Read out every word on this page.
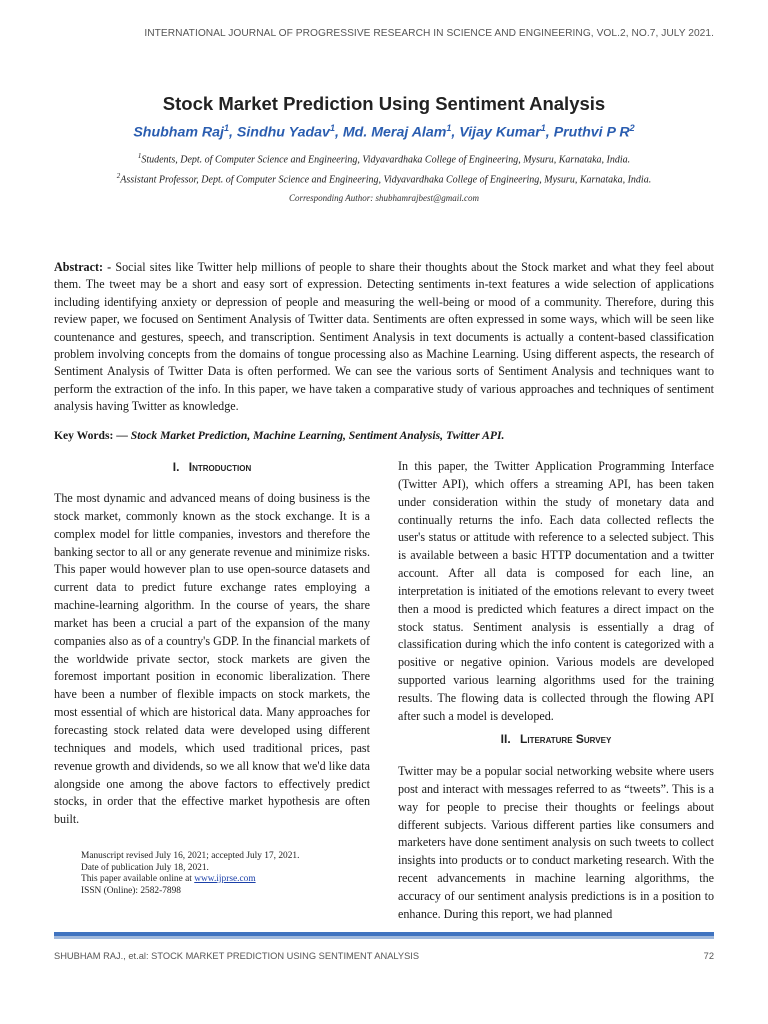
INTERNATIONAL JOURNAL OF PROGRESSIVE RESEARCH IN SCIENCE AND ENGINEERING, VOL.2, NO.7, JULY 2021.
Stock Market Prediction Using Sentiment Analysis
Shubham Raj$^1$, Sindhu Yadav$^1$, Md. Meraj Alam$^1$, Vijay Kumar$^1$, Pruthvi P $R^2$
$^1$Students, Dept. of Computer Science and Engineering, Vidyavardhaka College of Engineering, Mysuru, Karnataka, India.
$^2$Assistant Professor, Dept. of Computer Science and Engineering, Vidyavardhaka College of Engineering, Mysuru, Karnataka, India.
Corresponding Author: shubhamrajbest@gmail.com
Abstract: - Social sites like Twitter help millions of people to share their thoughts about the Stock market and what they feel about them. The tweet may be a short and easy sort of expression. Detecting sentiments in-text features a wide selection of applications including identifying anxiety or depression of people and measuring the well-being or mood of a community. Therefore, during this review paper, we focused on Sentiment Analysis of Twitter data. Sentiments are often expressed in some ways, which will be seen like countenance and gestures, speech, and transcription. Sentiment Analysis in text documents is actually a content-based classification problem involving concepts from the domains of tongue processing also as Machine Learning. Using different aspects, the research of Sentiment Analysis of Twitter Data is often performed. We can see the various sorts of Sentiment Analysis and techniques want to perform the extraction of the info. In this paper, we have taken a comparative study of various approaches and techniques of sentiment analysis having Twitter as knowledge.
Key Words: — Stock Market Prediction, Machine Learning, Sentiment Analysis, Twitter API.
I. Introduction
The most dynamic and advanced means of doing business is the stock market, commonly known as the stock exchange. It is a complex model for little companies, investors and therefore the banking sector to all or any generate revenue and minimize risks. This paper would however plan to use open-source datasets and current data to predict future exchange rates employing a machine-learning algorithm. In the course of years, the share market has been a crucial a part of the expansion of the many companies also as of a country's GDP. In the financial markets of the worldwide private sector, stock markets are given the foremost important position in economic liberalization. There have been a number of flexible impacts on stock markets, the most essential of which are historical data. Many approaches for forecasting stock related data were developed using different techniques and models, which used traditional prices, past revenue growth and dividends, so we all know that we'd like data alongside one among the above factors to effectively predict stocks, in order that the effective market hypothesis are often built.
Manuscript revised July 16, 2021; accepted July 17, 2021.
Date of publication July 18, 2021.
This paper available online at www.ijprse.com
ISSN (Online): 2582-7898
In this paper, the Twitter Application Programming Interface (Twitter API), which offers a streaming API, has been taken under consideration within the study of monetary data and continually returns the info. Each data collected reflects the user's status or attitude with reference to a selected subject. This is available between a basic HTTP documentation and a twitter account. After all data is composed for each line, an interpretation is initiated of the emotions relevant to every tweet then a mood is predicted which features a direct impact on the stock status. Sentiment analysis is essentially a drag of classification during which the info content is categorized with a positive or negative opinion. Various models are developed supported various learning algorithms used for the training results. The flowing data is collected through the flowing API after such a model is developed.
II. Literature Survey
Twitter may be a popular social networking website where users post and interact with messages referred to as “tweets”. This is a way for people to precise their thoughts or feelings about different subjects. Various different parties like consumers and marketers have done sentiment analysis on such tweets to collect insights into products or to conduct marketing research. With the recent advancements in machine learning algorithms, the accuracy of our sentiment analysis predictions is in a position to enhance. During this report, we had planned
SHUBHAM RAJ., et.al: STOCK MARKET PREDICTION USING SENTIMENT ANALYSIS	72
